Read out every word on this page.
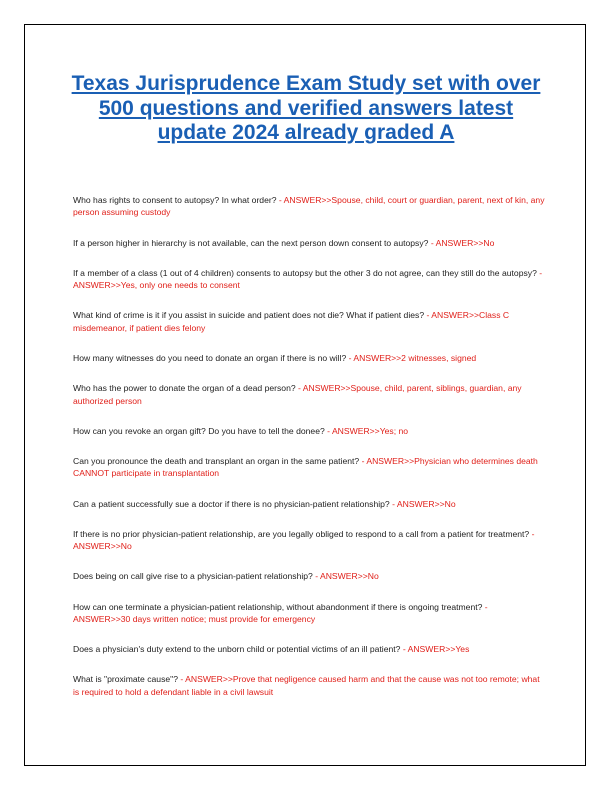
Texas Jurisprudence Exam Study set with over 500 questions and verified answers latest update 2024 already graded A
Who has rights to consent to autopsy? In what order? - ANSWER>>Spouse, child, court or guardian, parent, next of kin, any person assuming custody
If a person higher in hierarchy is not available, can the next person down consent to autopsy? - ANSWER>>No
If a member of a class (1 out of 4 children) consents to autopsy but the other 3 do not agree, can they still do the autopsy? - ANSWER>>Yes, only one needs to consent
What kind of crime is it if you assist in suicide and patient does not die? What if patient dies? - ANSWER>>Class C misdemeanor, if patient dies felony
How many witnesses do you need to donate an organ if there is no will? - ANSWER>>2 witnesses, signed
Who has the power to donate the organ of a dead person? - ANSWER>>Spouse, child, parent, siblings, guardian, any authorized person
How can you revoke an organ gift? Do you have to tell the donee? - ANSWER>>Yes; no
Can you pronounce the death and transplant an organ in the same patient? - ANSWER>>Physician who determines death CANNOT participate in transplantation
Can a patient successfully sue a doctor if there is no physician-patient relationship? - ANSWER>>No
If there is no prior physician-patient relationship, are you legally obliged to respond to a call from a patient for treatment? - ANSWER>>No
Does being on call give rise to a physician-patient relationship? - ANSWER>>No
How can one terminate a physician-patient relationship, without abandonment if there is ongoing treatment? - ANSWER>>30 days written notice; must provide for emergency
Does a physician's duty extend to the unborn child or potential victims of an ill patient? - ANSWER>>Yes
What is "proximate cause"? - ANSWER>>Prove that negligence caused harm and that the cause was not too remote; what is required to hold a defendant liable in a civil lawsuit
